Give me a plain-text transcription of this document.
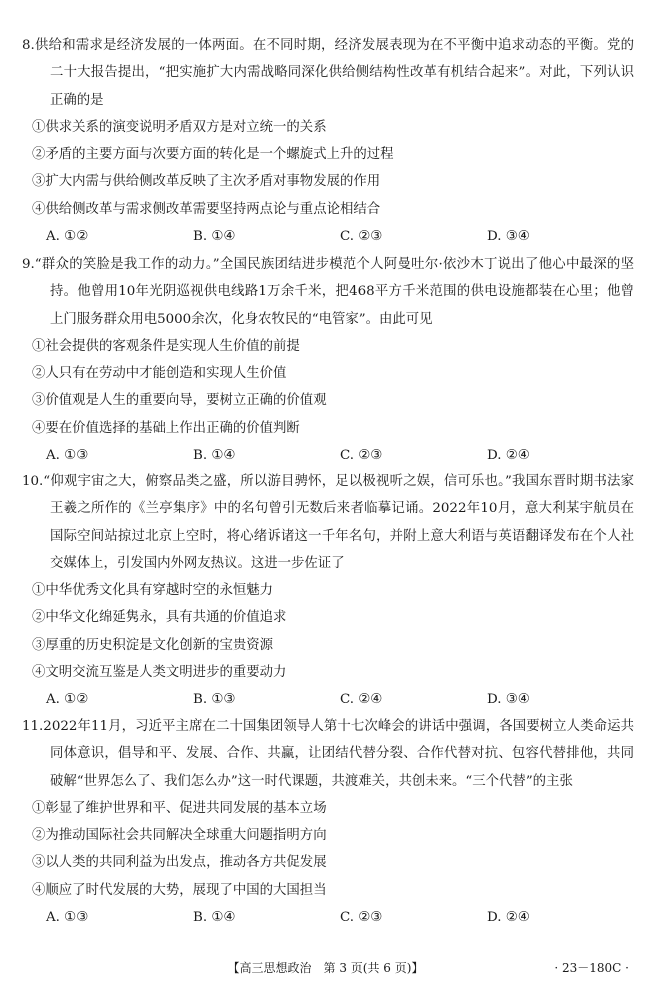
8.供给和需求是经济发展的一体两面。在不同时期，经济发展表现为在不平衡中追求动态的平衡。党的二十大报告提出，“把实施扩大内需战略同深化供给侧结构性改革有机结合起来”。对此，下列认识正确的是

①供求关系的演变说明矛盾双方是对立统一的关系

②矛盾的主要方面与次要方面的转化是一个螺旋式上升的过程

③扩大内需与供给侧改革反映了主次矛盾对事物发展的作用

④供给侧改革与需求侧改革需要坚持两点论与重点论相结合

A. ①②	B. ①④	C. ②③	D. ③④

9.“群众的笑脸是我工作的动力。”全国民族团结进步模范个人阿曼吐尔·依沙木丁说出了他心中最深的坚持。他曾用10年光阴巡视供电线路1万余千米，把468平方千米范围的供电设施都装在心里；他曾上门服务群众用电5000余次，化身农牧民的“电管家”。由此可见

①社会提供的客观条件是实现人生价值的前提

②人只有在劳动中才能创造和实现人生价值

③价值观是人生的重要向导，要树立正确的价值观

④要在价值选择的基础上作出正确的价值判断

A. ①③	B. ①④	C. ②③	D. ②④

10.“仰观宇宙之大，俯察品类之盛，所以游目骋怀，足以极视听之娱，信可乐也。”我国东晋时期书法家王羲之所作的《兰亭集序》中的名句曾引无数后来者临摹记诵。2022年10月，意大利某宇航员在国际空间站掠过北京上空时，将心绪诉诸这一千年名句，并附上意大利语与英语翻译发布在个人社交媒体上，引发国内外网友热议。这进一步佐证了

①中华优秀文化具有穿越时空的永恒魅力

②中华文化绵延隽永，具有共通的价值追求

③厚重的历史积淀是文化创新的宝贵资源

④文明交流互鉴是人类文明进步的重要动力

A. ①②	B. ①③	C. ②④	D. ③④

11.2022年11月，习近平主席在二十国集团领导人第十七次峰会的讲话中强调，各国要树立人类命运共同体意识，倡导和平、发展、合作、共赢，让团结代替分裂、合作代替对抗、包容代替排他，共同破解“世界怎么了、我们怎么办”这一时代课题，共渡难关，共创未来。“三个代替”的主张

①彰显了维护世界和平、促进共同发展的基本立场

②为推动国际社会共同解决全球重大问题指明方向

③以人类的共同利益为出发点，推动各方共促发展

④顺应了时代发展的大势，展现了中国的大国担当

A. ①③	B. ①④	C. ②③	D. ②④
【高三思想政治　第 3 页(共 6 页)】	· 23－180C ·
